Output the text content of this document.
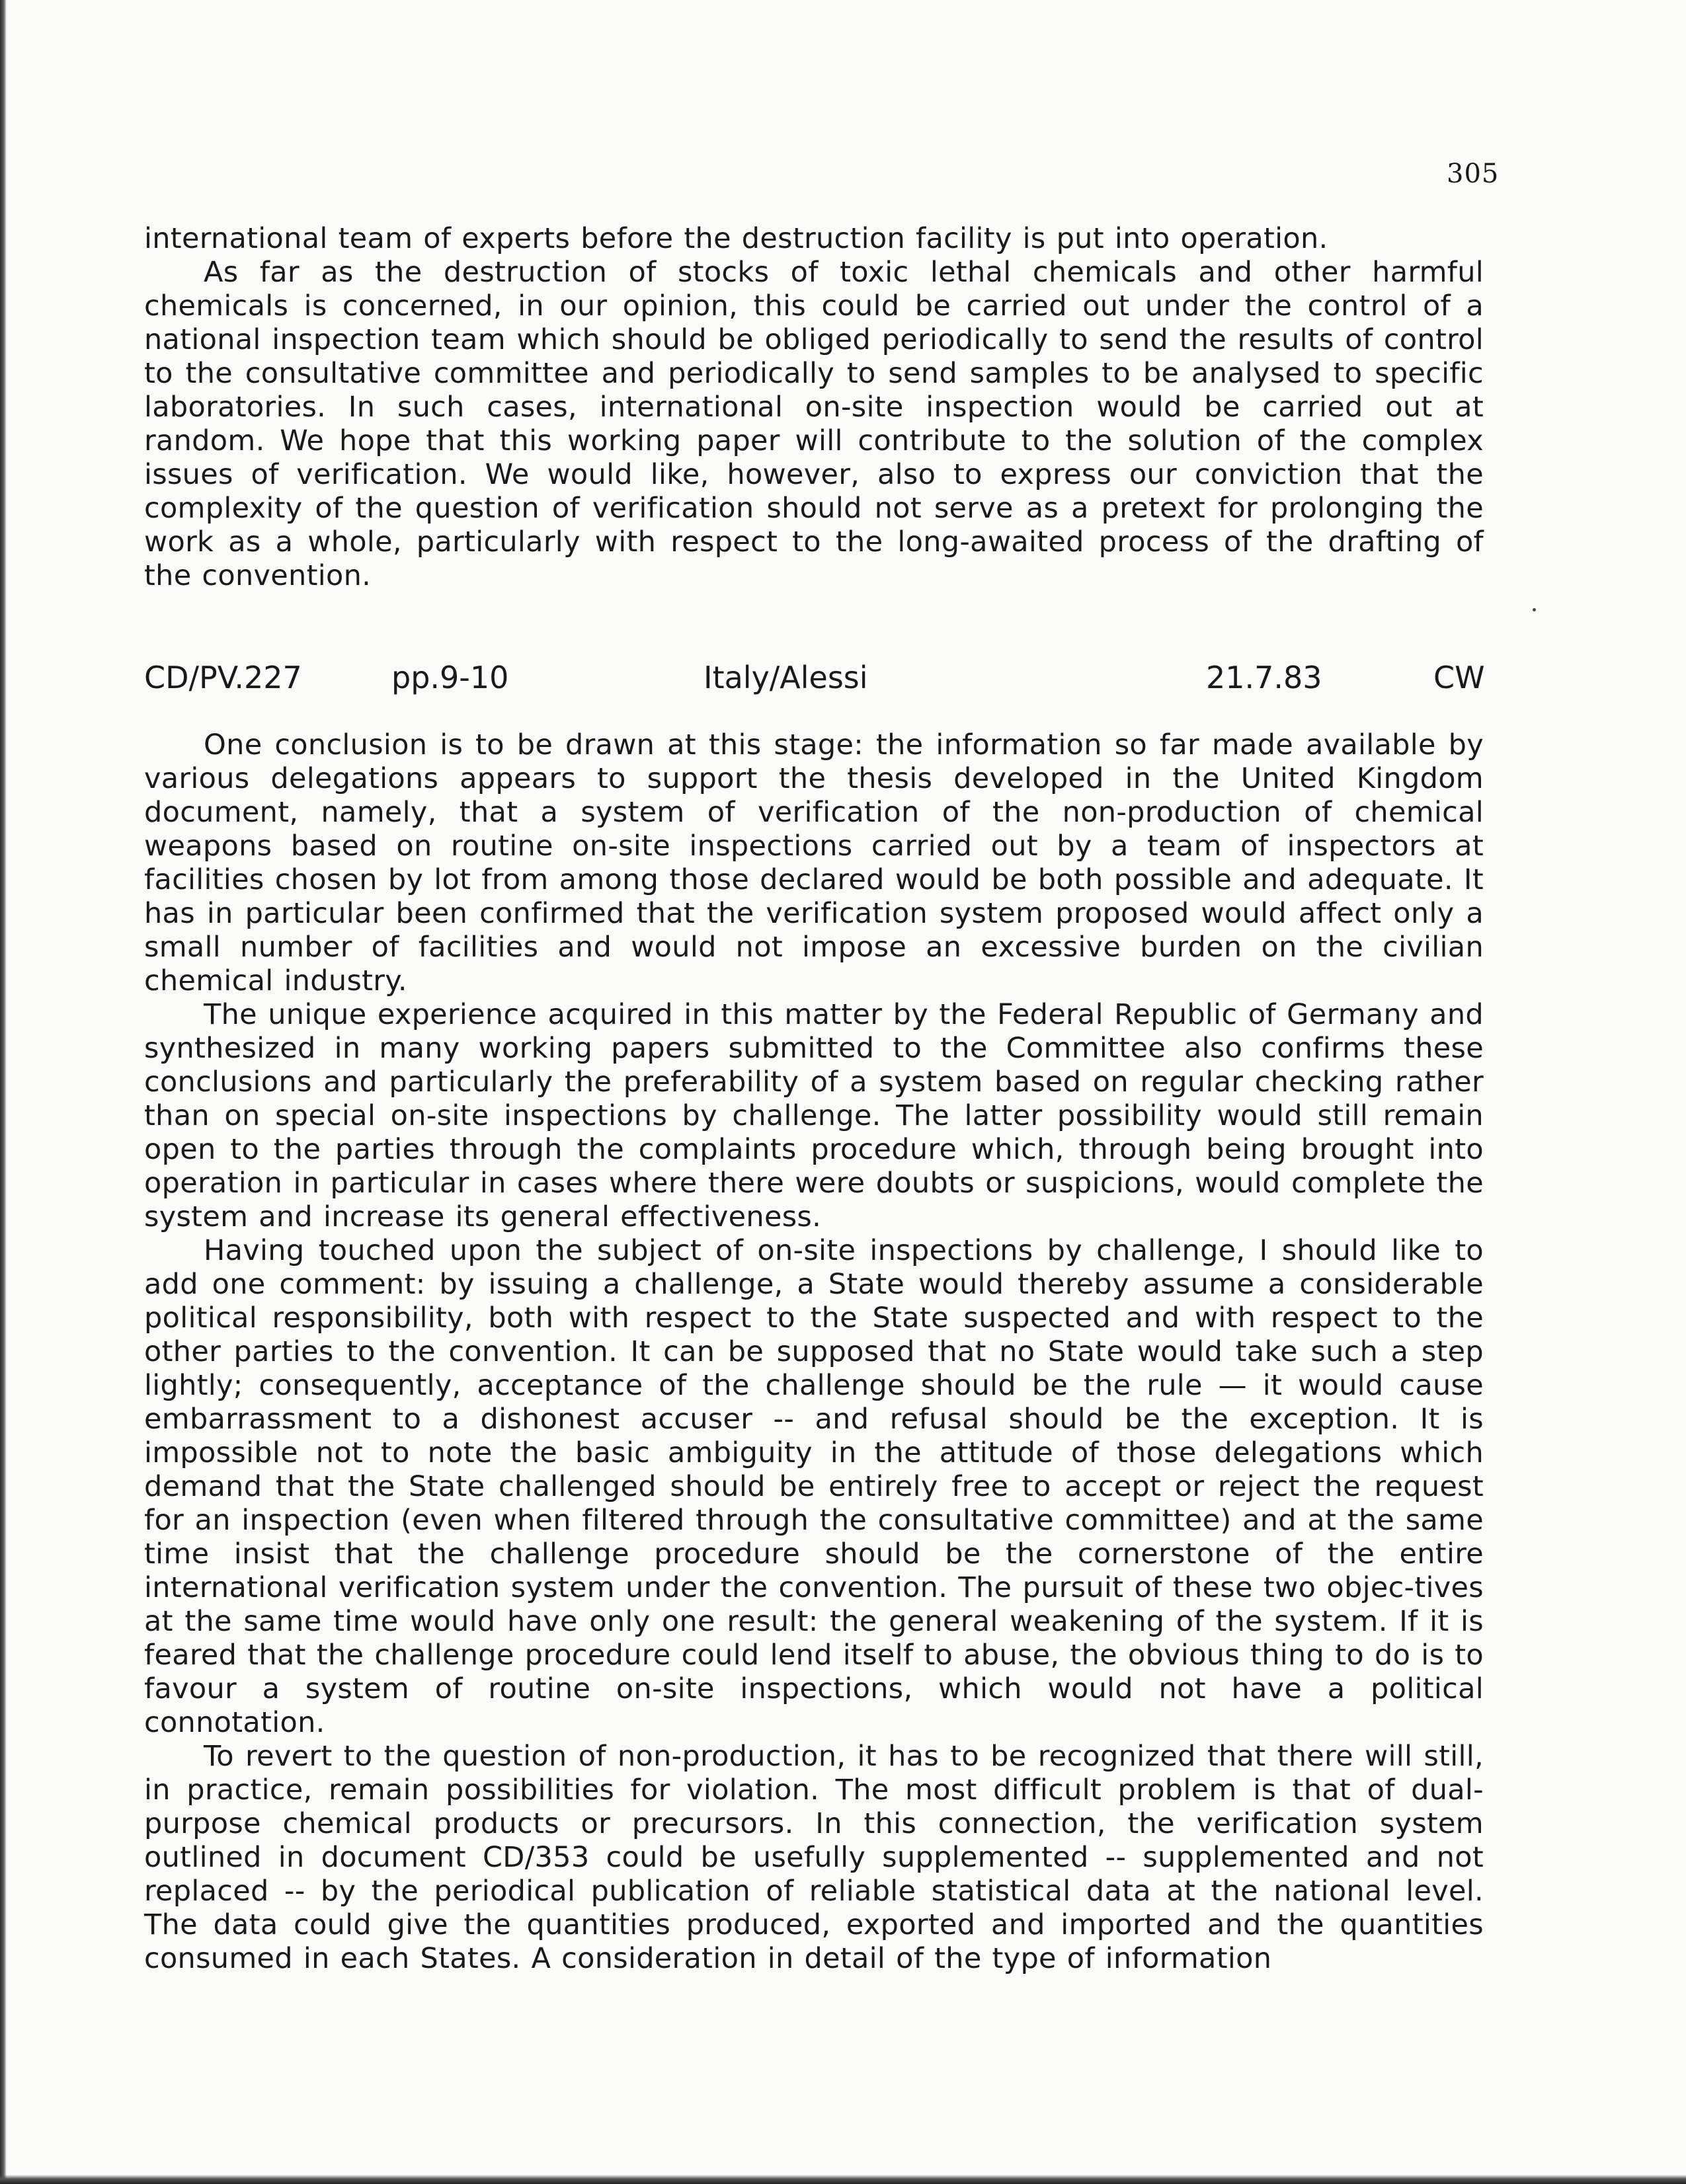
305

international team of experts before the destruction facility is put into operation.

As far as the destruction of stocks of toxic lethal chemicals and other harmful chemicals is concerned, in our opinion, this could be carried out under the control of a national inspection team which should be obliged periodically to send the results of control to the consultative committee and periodically to send samples to be analysed to specific laboratories. In such cases, international on-site inspection would be carried out at random. We hope that this working paper will contribute to the solution of the complex issues of verification. We would like, however, also to express our conviction that the complexity of the question of verification should not serve as a pretext for prolonging the work as a whole, particularly with respect to the long-awaited process of the drafting of the convention.

CD/PV.227	pp.9-10	Italy/Alessi	21.7.83	CW

One conclusion is to be drawn at this stage: the information so far made available by various delegations appears to support the thesis developed in the United Kingdom document, namely, that a system of verification of the non-production of chemical weapons based on routine on-site inspections carried out by a team of inspectors at facilities chosen by lot from among those declared would be both possible and adequate. It has in particular been confirmed that the verification system proposed would affect only a small number of facilities and would not impose an excessive burden on the civilian chemical industry.

The unique experience acquired in this matter by the Federal Republic of Germany and synthesized in many working papers submitted to the Committee also confirms these conclusions and particularly the preferability of a system based on regular checking rather than on special on-site inspections by challenge. The latter possibility would still remain open to the parties through the complaints procedure which, through being brought into operation in particular in cases where there were doubts or suspicions, would complete the system and increase its general effectiveness.

Having touched upon the subject of on-site inspections by challenge, I should like to add one comment: by issuing a challenge, a State would thereby assume a considerable political responsibility, both with respect to the State suspected and with respect to the other parties to the convention. It can be supposed that no State would take such a step lightly; consequently, acceptance of the challenge should be the rule — it would cause embarrassment to a dishonest accuser -- and refusal should be the exception. It is impossible not to note the basic ambiguity in the attitude of those delegations which demand that the State challenged should be entirely free to accept or reject the request for an inspection (even when filtered through the consultative committee) and at the same time insist that the challenge procedure should be the cornerstone of the entire international verification system under the convention. The pursuit of these two objec-tives at the same time would have only one result: the general weakening of the system. If it is feared that the challenge procedure could lend itself to abuse, the obvious thing to do is to favour a system of routine on-site inspections, which would not have a political connotation.

To revert to the question of non-production, it has to be recognized that there will still, in practice, remain possibilities for violation. The most difficult problem is that of dual-purpose chemical products or precursors. In this connection, the verification system outlined in document CD/353 could be usefully supplemented -- supplemented and not replaced -- by the periodical publication of reliable statistical data at the national level. The data could give the quantities produced, exported and imported and the quantities consumed in each States. A consideration in detail of the type of information
